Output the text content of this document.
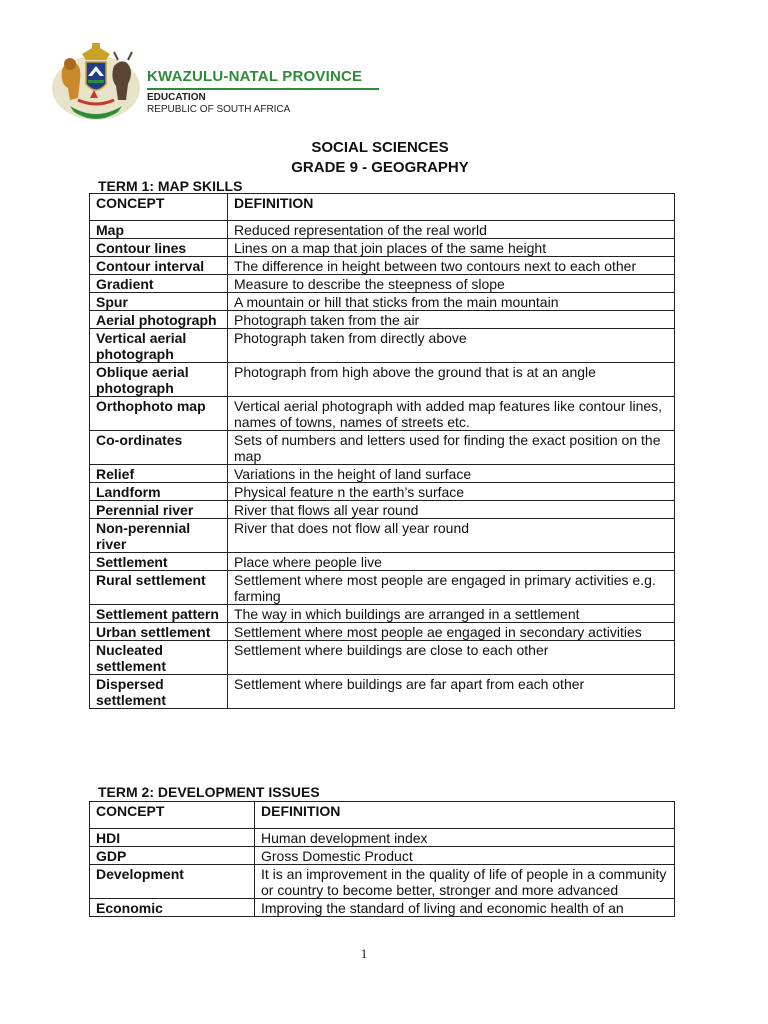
KWAZULU-NATAL PROVINCE
EDUCATION
REPUBLIC OF SOUTH AFRICA
SOCIAL SCIENCES
GRADE 9 - GEOGRAPHY
TERM 1: MAP SKILLS
CONCEPT	DEFINITION
Map	Reduced representation of the real world
Contour lines	Lines on a map that join places of the same height
Contour interval	The difference in height between two contours next to each other
Gradient	Measure to describe the steepness of slope
Spur	A mountain or hill that sticks from the main mountain
Aerial photograph	Photograph taken from the air
Vertical aerial photograph	Photograph taken from directly above
Oblique aerial photograph	Photograph from high above the ground that is at an angle
Orthophoto map	Vertical aerial photograph with added map features like contour lines, names of towns, names of streets etc.
Co-ordinates	Sets of numbers and letters used for finding the exact position on the map
Relief	Variations in the height of land surface
Landform	Physical feature n the earth’s surface
Perennial river	River that flows all year round
Non-perennial river	River that does not flow all year round
Settlement	Place where people live
Rural settlement	Settlement where most people are engaged in primary activities e.g. farming
Settlement pattern	The way in which buildings are arranged in a settlement
Urban settlement	Settlement where most people ae engaged in secondary activities
Nucleated settlement	Settlement where buildings are close to each other
Dispersed settlement	Settlement where buildings are far apart from each other
TERM 2: DEVELOPMENT ISSUES
CONCEPT	DEFINITION
HDI	Human development index
GDP	Gross Domestic Product
Development	It is an improvement in the quality of life of people in a community or country to become better, stronger and more advanced
Economic	Improving the standard of living and economic health of an
1
